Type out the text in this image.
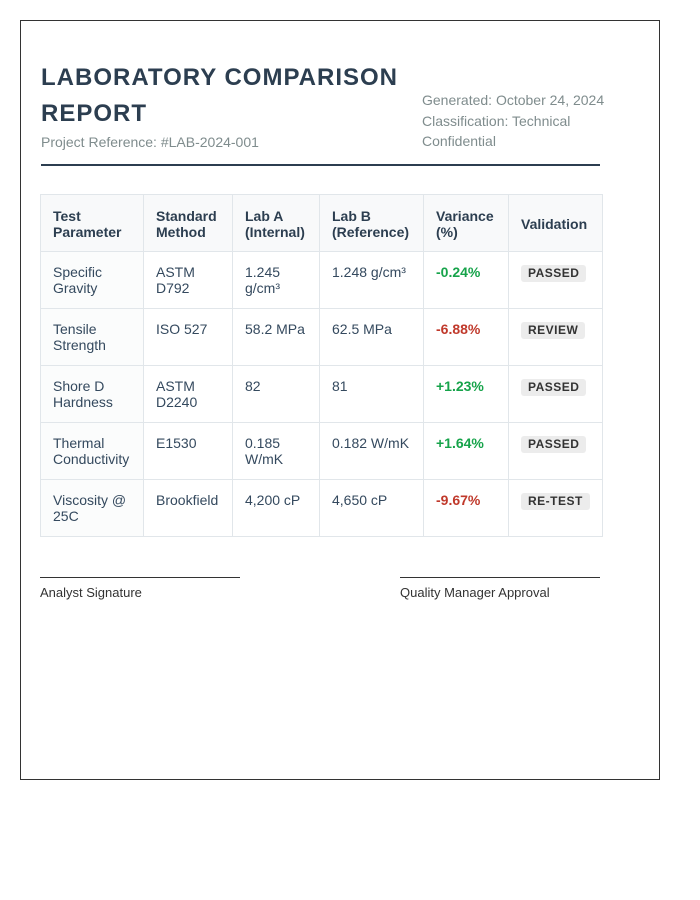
LABORATORY COMPARISON REPORT
Project Reference: #LAB-2024-001
Generated: October 24, 2024
Classification: Technical Confidential
Test Parameter	Standard Method	Lab A (Internal)	Lab B (Reference)	Variance (%)	Validation
Specific Gravity	ASTM D792	1.245 g/cm³	1.248 g/cm³	-0.24%	PASSED
Tensile Strength	ISO 527	58.2 MPa	62.5 MPa	-6.88%	REVIEW
Shore D Hardness	ASTM D2240	82	81	+1.23%	PASSED
Thermal Conductivity	E1530	0.185 W/mK	0.182 W/mK	+1.64%	PASSED
Viscosity @ 25C	Brookfield	4,200 cP	4,650 cP	-9.67%	RE-TEST
Analyst Signature	Quality Manager Approval
